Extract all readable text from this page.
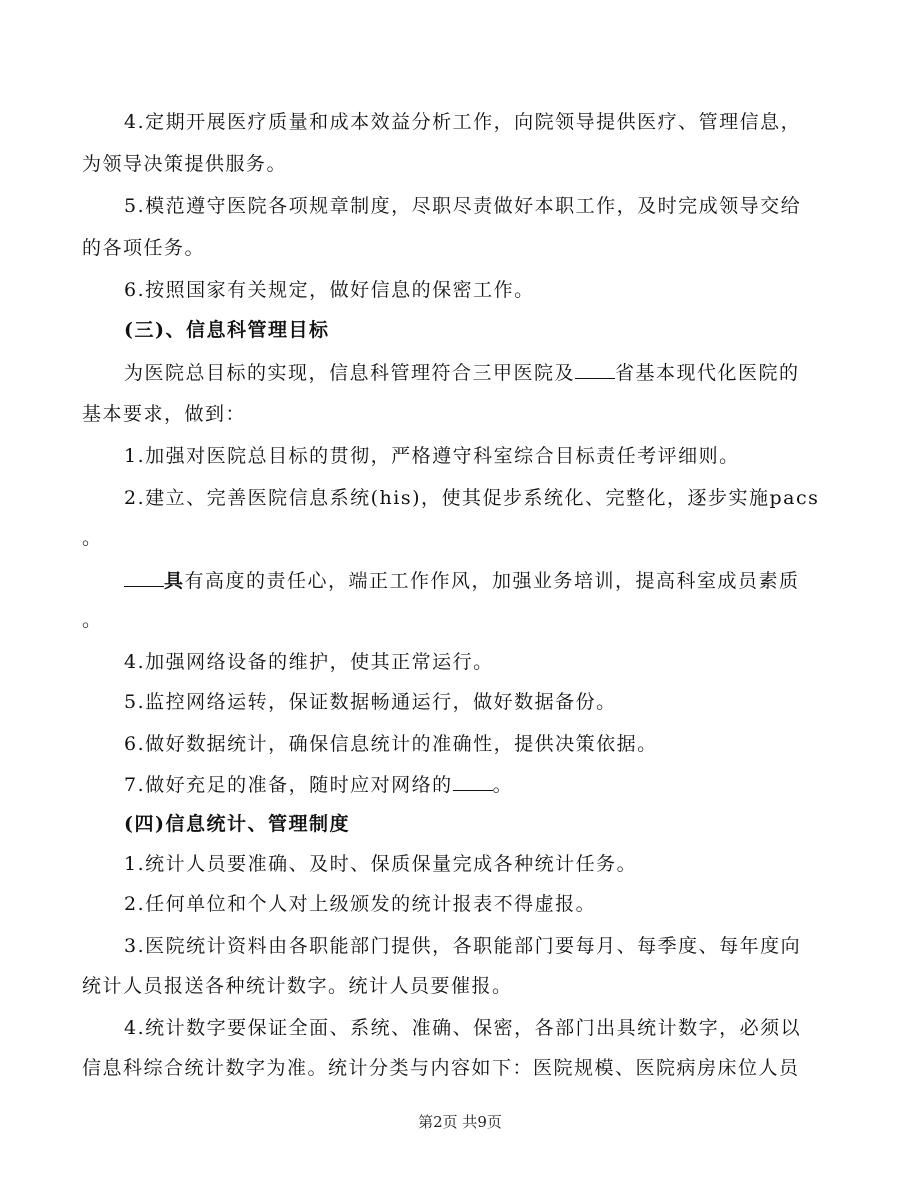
4.定期开展医疗质量和成本效益分析工作，向院领导提供医疗、管理信息，
为领导决策提供服务。
5.模范遵守医院各项规章制度，尽职尽责做好本职工作，及时完成领导交给
的各项任务。
6.按照国家有关规定，做好信息的保密工作。
(三)、信息科管理目标
为医院总目标的实现，信息科管理符合三甲医院及 省基本现代化医院的
基本要求，做到：
1.加强对医院总目标的贯彻，严格遵守科室综合目标责任考评细则。
2.建立、完善医院信息系统(his)，使其促步系统化、完整化，逐步实施pacs
。
具有高度的责任心，端正工作作风，加强业务培训，提高科室成员素质
。
4.加强网络设备的维护，使其正常运行。
5.监控网络运转，保证数据畅通运行，做好数据备份。
6.做好数据统计，确保信息统计的准确性，提供决策依据。
7.做好充足的准备，随时应对网络的 。
(四)信息统计、管理制度
1.统计人员要准确、及时、保质保量完成各种统计任务。
2.任何单位和个人对上级颁发的统计报表不得虚报。
3.医院统计资料由各职能部门提供，各职能部门要每月、每季度、每年度向
统计人员报送各种统计数字。统计人员要催报。
4.统计数字要保证全面、系统、准确、保密，各部门出具统计数字，必须以
信息科综合统计数字为准。统计分类与内容如下：医院规模、医院病房床位人员
第2页 共9页
